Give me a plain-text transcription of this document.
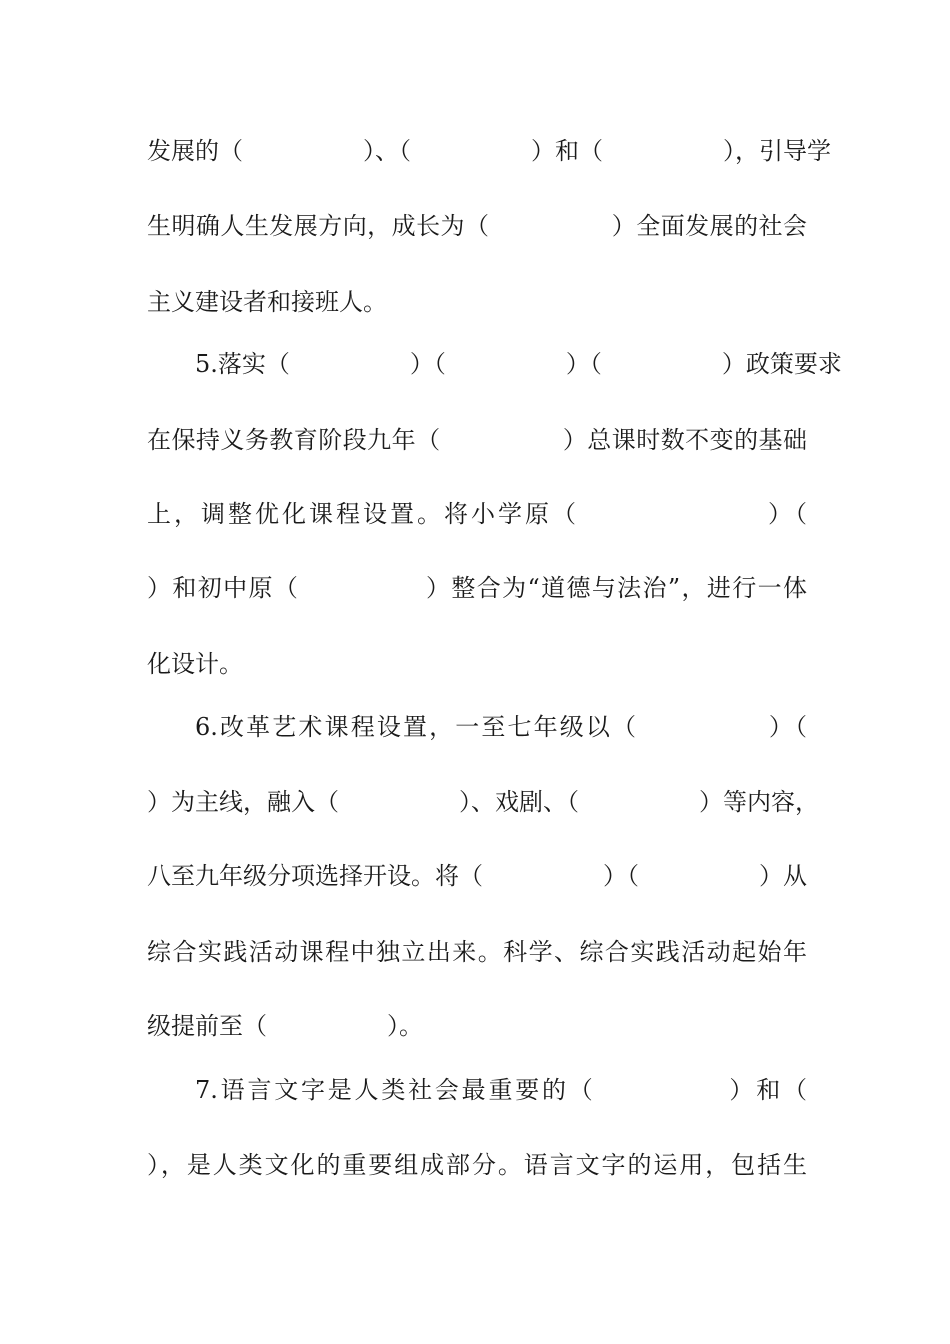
发展的（　　　　　）、（　　　　　）和（　　　　　），引导学
生明确人生发展方向，成长为（　　　　　）全面发展的社会
主义建设者和接班人。
5.落实（　　　　　）（　　　　　）（　　　　　）政策要求
在保持义务教育阶段九年（　　　　　）总课时数不变的基础
上，调整优化课程设置。将小学原（　　　　　　　）（
）和初中原（　　　　　）整合为“道德与法治”，进行一体
化设计。
6.改革艺术课程设置，一至七年级以（　　　　　）（
）为主线，融入（　　　　　）、戏剧、（　　　　　）等内容，
八至九年级分项选择开设。将（　　　　　）（　　　　　）从
综合实践活动课程中独立出来。科学、综合实践活动起始年
级提前至（　　　　　）。
7.语言文字是人类社会最重要的（　　　　　）和（
），是人类文化的重要组成部分。语言文字的运用，包括生
